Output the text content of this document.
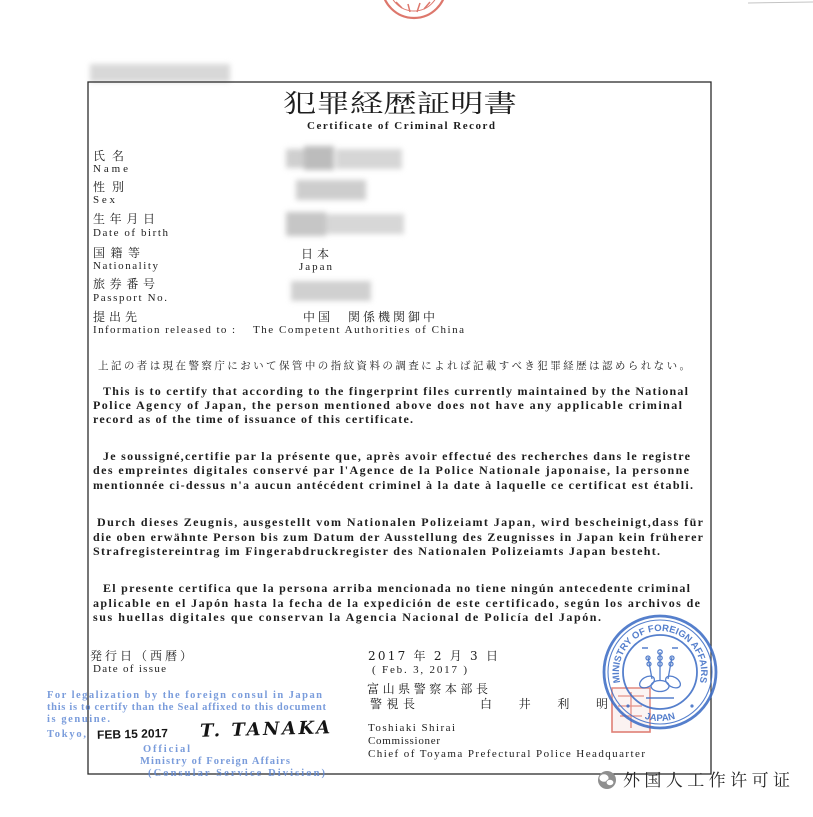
犯罪経歴証明書
Certificate of Criminal Record
氏名
Name
性別
Sex
生年月日
Date of birth
国籍等
Nationality
旅券番号
Passport No.
提出先
Information released to :
日本
Japan
中国　関係機関御中
The Competent Authorities of China
上記の者は現在警察庁において保管中の指紋資料の調査によれば記載すべき犯罪経歴は認められない。
This is to certify that according to the fingerprint files currently maintained by the National
Police Agency of Japan, the person mentioned above does not have any applicable criminal
record as of the time of issuance of this certificate.
Je soussigné,certifie par la présente que, après avoir effectué des recherches dans le registre
des empreintes digitales conservé par l'Agence de la Police Nationale japonaise, la personne
mentionnée ci-dessus n'a aucun antécédent criminel à la date à laquelle ce certificat est établi.
Durch dieses Zeugnis, ausgestellt vom Nationalen Polizeiamt Japan, wird bescheinigt,dass für
die oben erwähnte Person bis zum Datum der Ausstellung des Zeugnisses in Japan kein früherer
Strafregistereintrag im Fingerabdruckregister des Nationalen Polizeiamts Japan besteht.
El presente certifica que la persona arriba mencionada no tiene ningún antecedente criminal
aplicable en el Japón hasta la fecha de la expedición de este certificado, según los archivos de
sus huellas digitales que conservan la Agencia Nacional de Policía del Japón.
発行日（西暦）
Date of issue
2017 年 2 月 3 日
( Feb. 3, 2017 )
富山県警察本部長
警視長	白　井　利　明
Toshiaki Shirai
Commissioner
Chief of Toyama Prefectural Police Headquarter
MINISTRY OF FOREIGN AFFAIRS
JAPAN
For legalization by the foreign consul in Japan
this is to certify than the Seal affixed to this document
is genuine.
Tokyo, FEB 15 2017 T. TANAKA
Official
Ministry of Foreign Affairs
(Consular Service Division)	外国人工作许可证
